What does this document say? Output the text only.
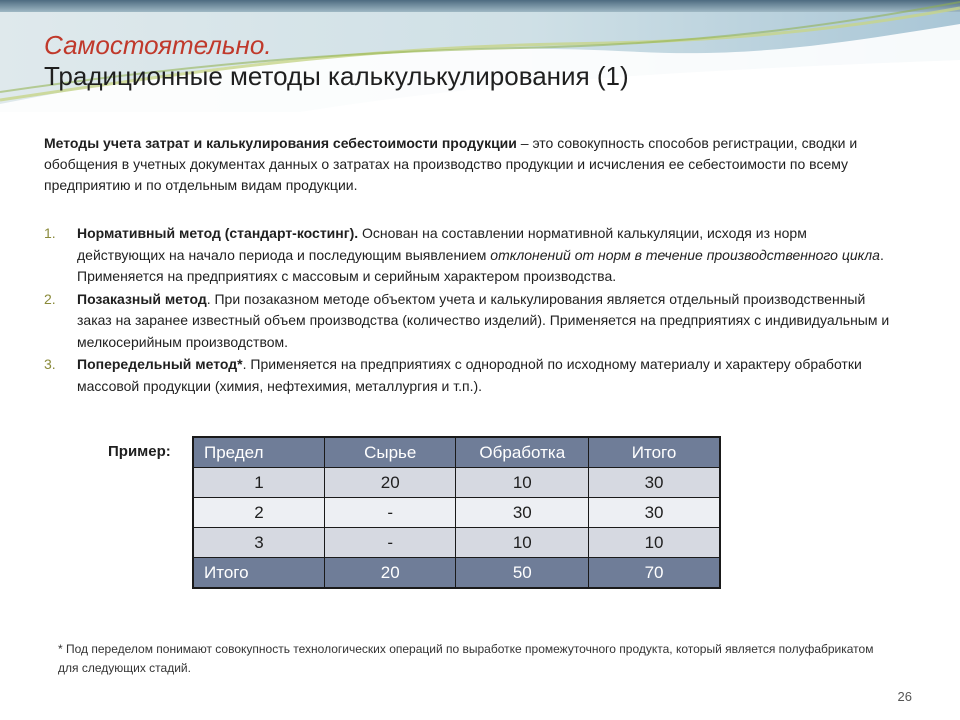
Самостоятельно.

Традиционные методы калькулькулирования (1)

Методы учета затрат и калькулирования себестоимости продукции – это совокупность способов регистрации, сводки и обобщения в учетных документах данных о затратах на производство продукции и исчисления ее себестоимости по всему предприятию и по отдельным видам продукции.
1. Нормативный метод (стандарт-костинг). Основан на составлении нормативной калькуляции, исходя из норм действующих на начало периода и последующим выявлением отклонений от норм в течение производственного цикла. Применяется на предприятиях с массовым и серийным характером производства.
2. Позаказный метод. При позаказном методе объектом учета и калькулирования является отдельный производственный заказ на заранее известный объем производства (количество изделий). Применяется на предприятиях с индивидуальным и мелкосерийным производством.
3. Попередельный метод*. Применяется на предприятиях с однородной по исходному материалу и характеру обработки массовой продукции (химия, нефтехимия, металлургия и т.п.).
Пример: Предел	Сырье	Обработка	Итого
1	20	10	30
2	-	30	30
3	-	10	10
Итого	20	50	70
* Под переделом понимают совокупность технологических операций по выработке промежуточного продукта, который является полуфабрикатом для следующих стадий.
26
